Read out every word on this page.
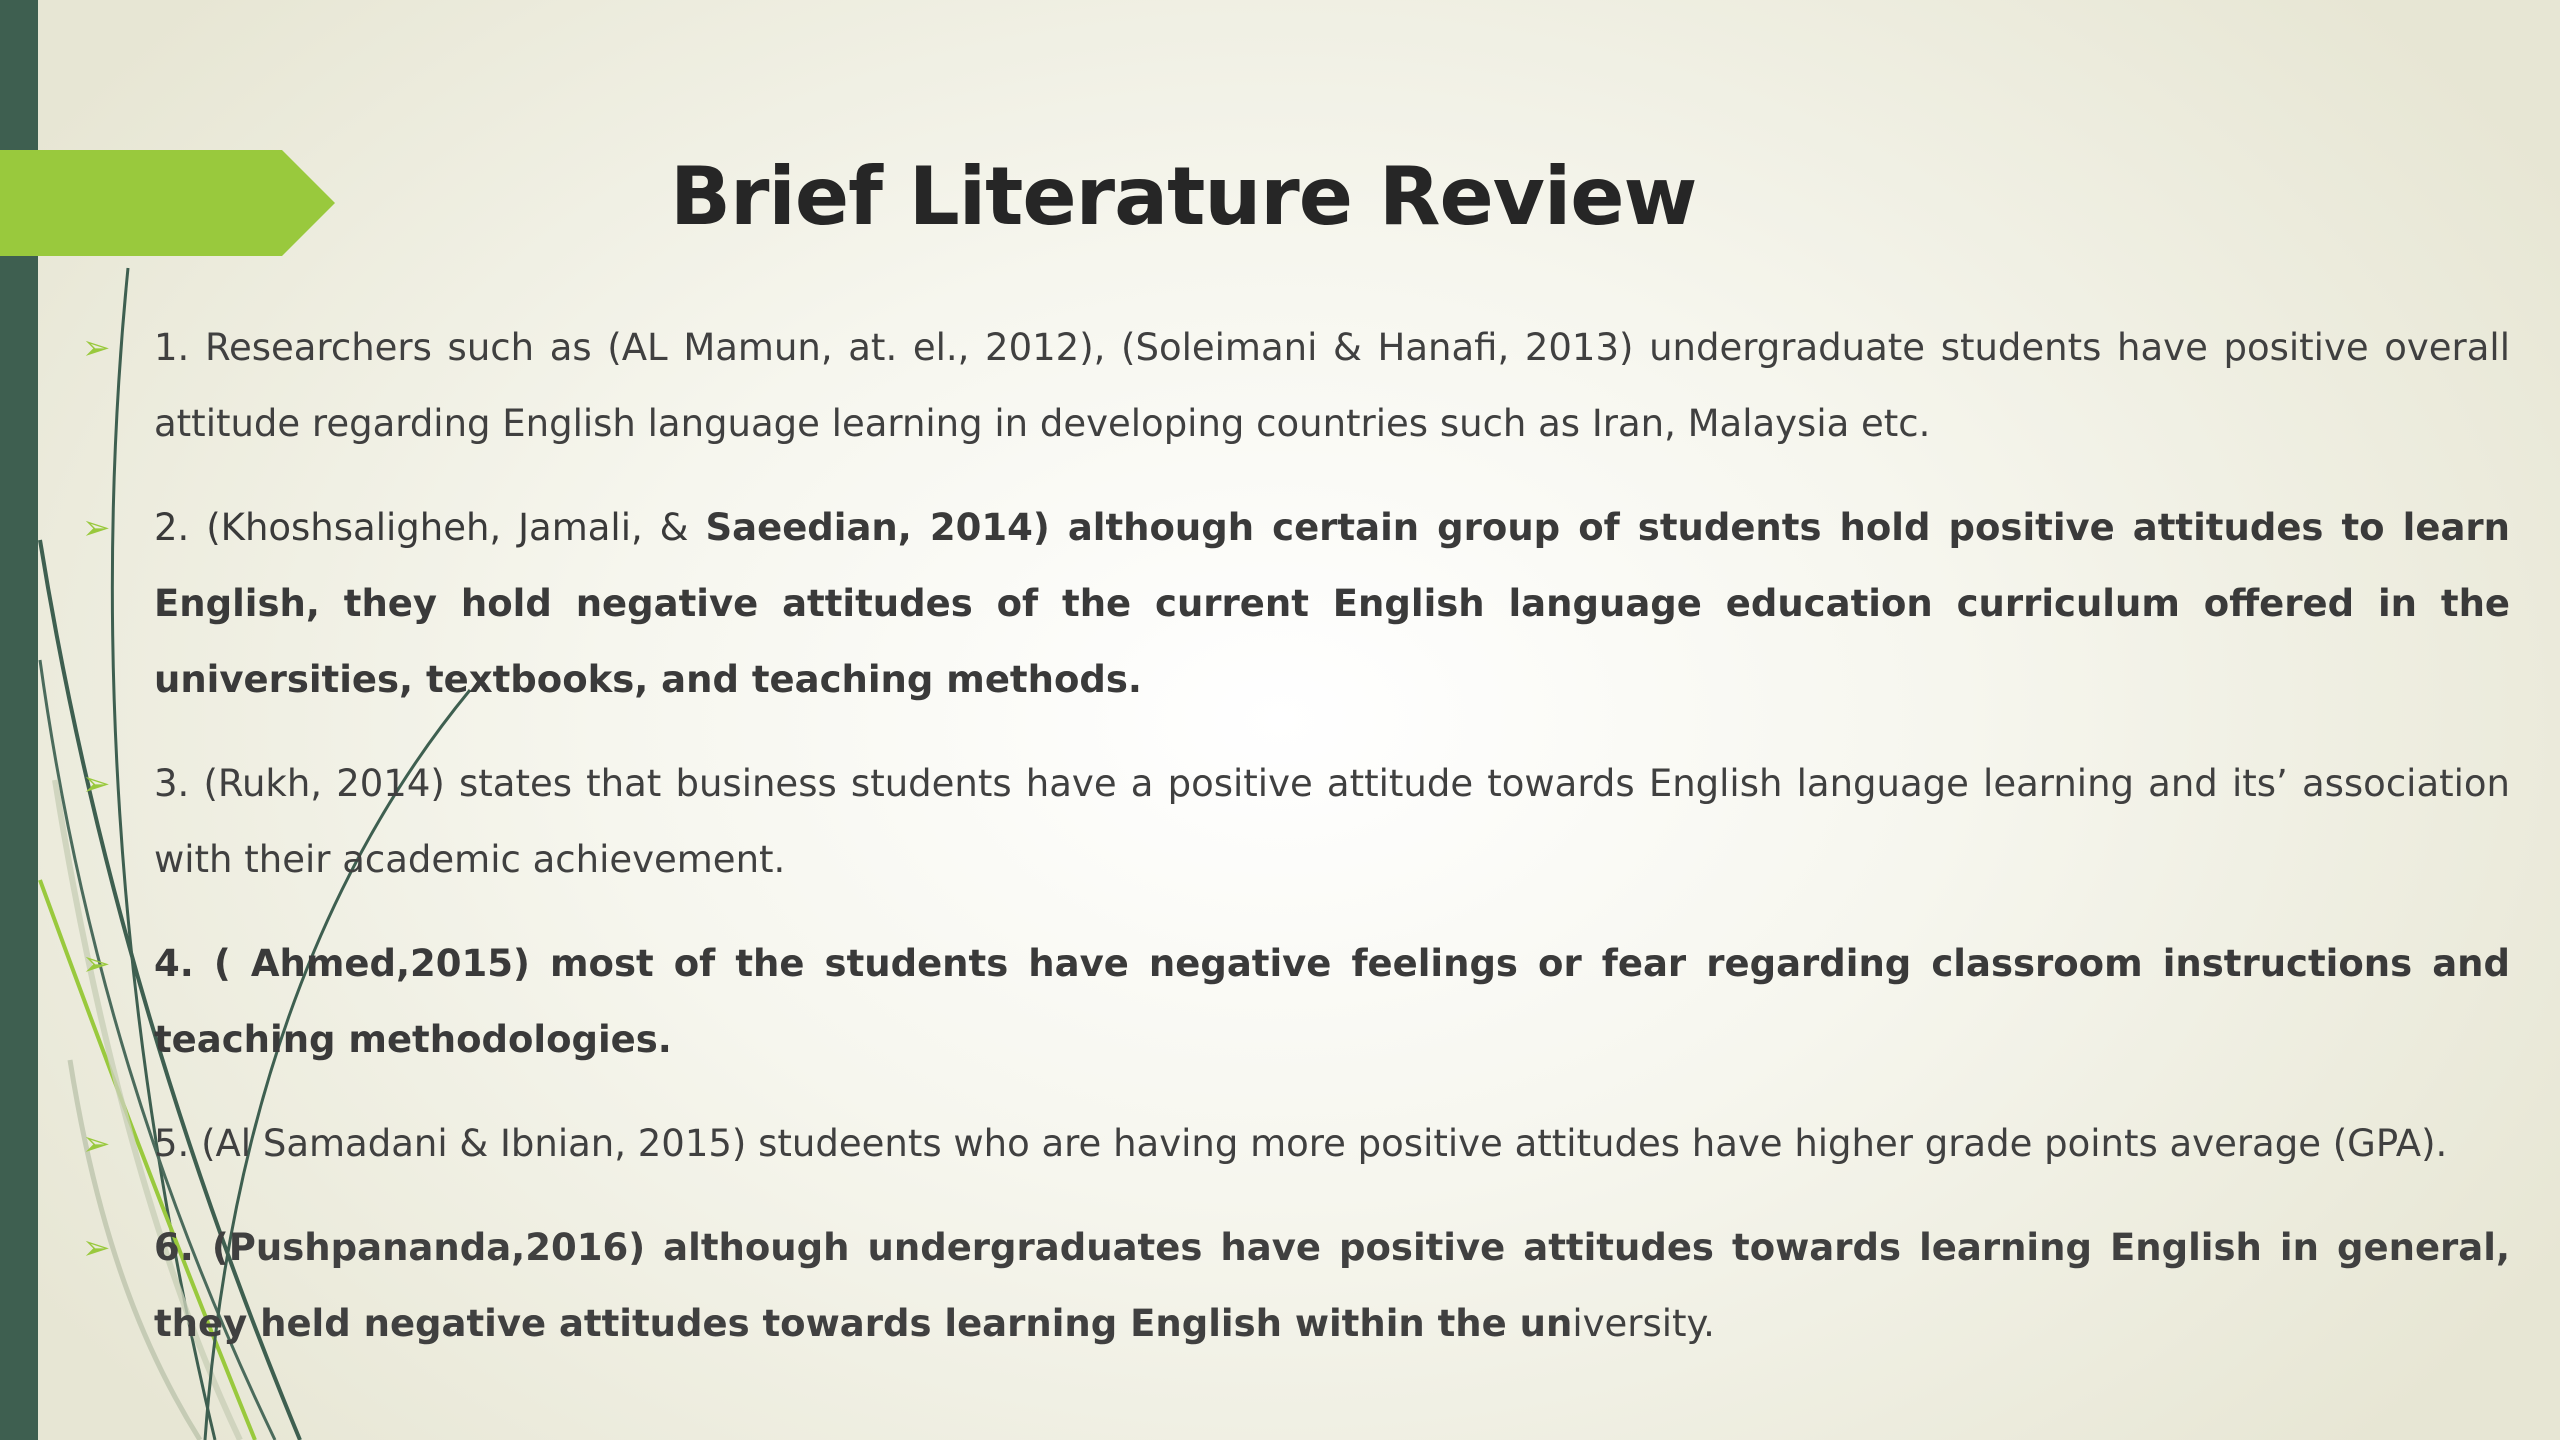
Brief Literature Review
➢	1. Researchers such as (AL Mamun, at. el., 2012), (Soleimani & Hanafi, 2013) undergraduate students have positive overall attitude regarding English language learning in developing countries such as Iran, Malaysia etc.
➢	2. (Khoshsaligheh, Jamali, & Saeedian, 2014) although certain group of students hold positive attitudes to learn English, they hold negative attitudes of the current English language education curriculum offered in the universities, textbooks, and teaching methods.
➢	3. (Rukh, 2014) states that business students have a positive attitude towards English language learning and its’ association with their academic achievement.
➢	4. ( Ahmed,2015) most of the students have negative feelings or fear regarding classroom instructions and teaching methodologies.
➢	5. (Al Samadani & Ibnian, 2015) studeents who are having more positive attitudes have higher grade points average (GPA).
➢	6. (Pushpananda,2016) although undergraduates have positive attitudes towards learning English in general, they held negative attitudes towards learning English within the university.
